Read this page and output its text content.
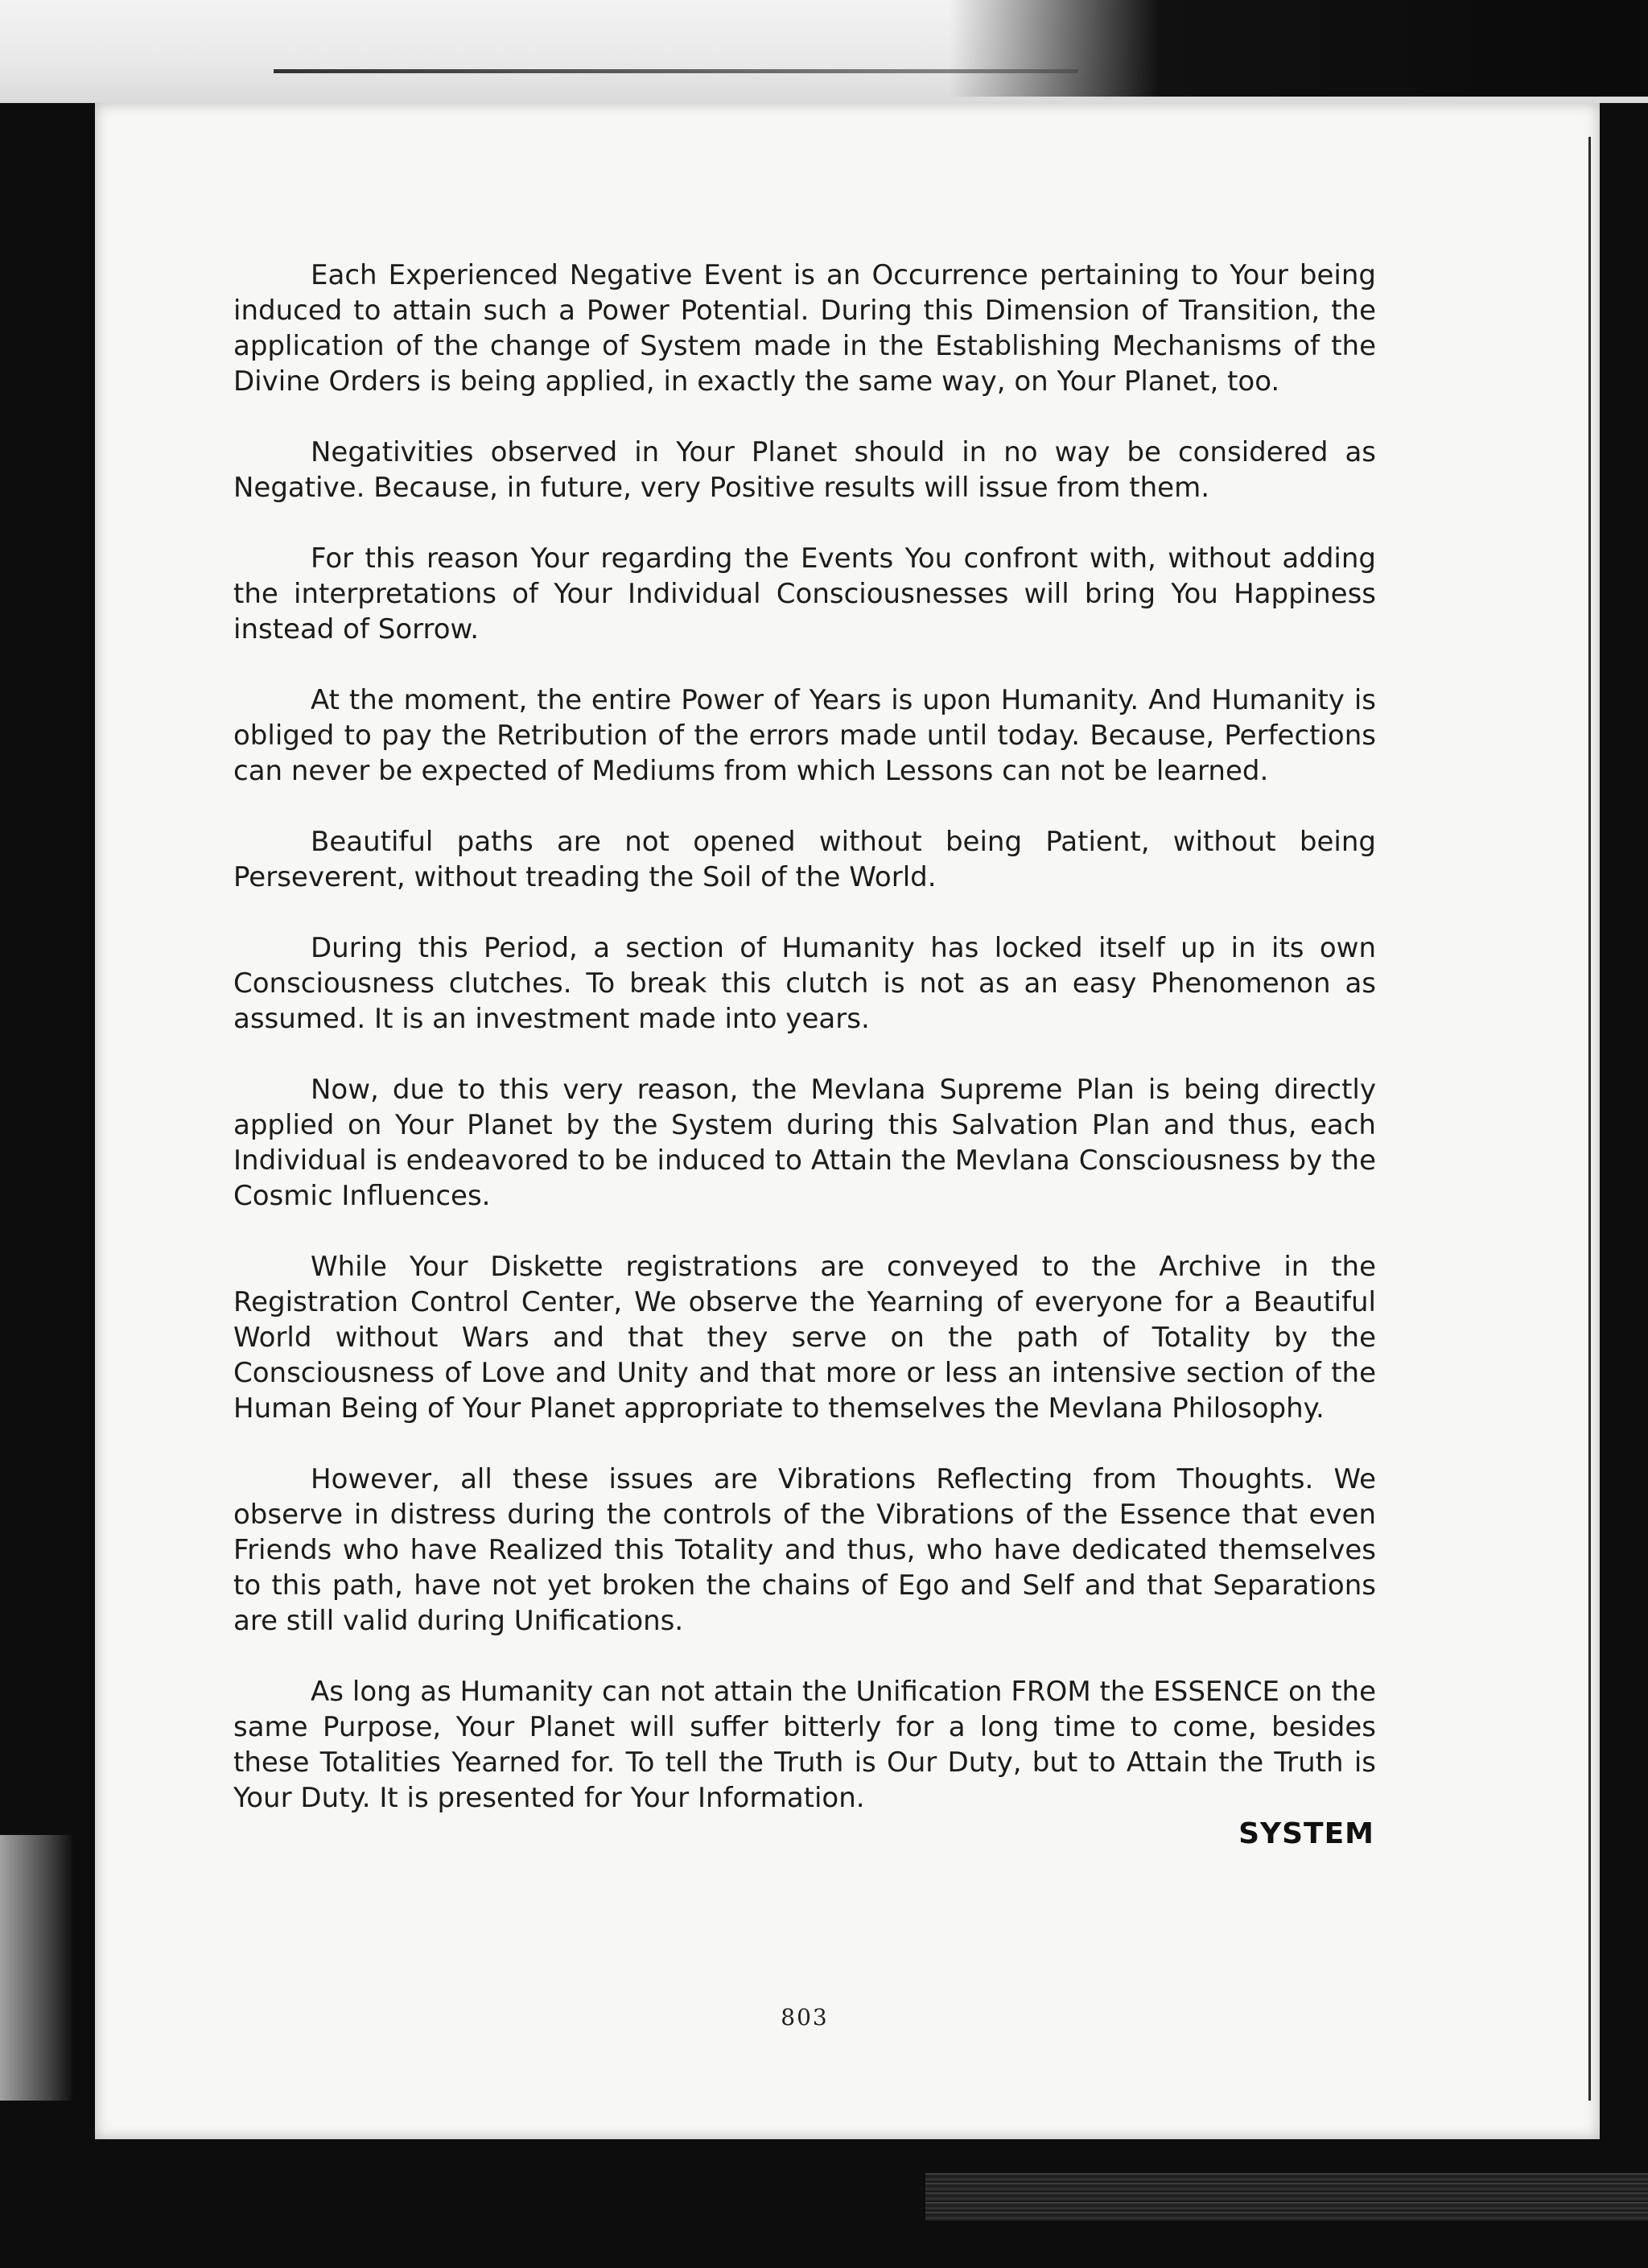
Each Experienced Negative Event is an Occurrence pertaining to Your being induced to attain such a Power Potential. During this Dimension of Transition, the application of the change of System made in the Establishing Mechanisms of the Divine Orders is being applied, in exactly the same way, on Your Planet, too.

Negativities observed in Your Planet should in no way be considered as Negative. Because, in future, very Positive results will issue from them.

For this reason Your regarding the Events You confront with, without adding the interpretations of Your Individual Consciousnesses will bring You Happiness instead of Sorrow.

At the moment, the entire Power of Years is upon Humanity. And Humanity is obliged to pay the Retribution of the errors made until today. Because, Perfections can never be expected of Mediums from which Lessons can not be learned.

Beautiful paths are not opened without being Patient, without being Perseverent, without treading the Soil of the World.

During this Period, a section of Humanity has locked itself up in its own Consciousness clutches. To break this clutch is not as an easy Phenomenon as assumed. It is an investment made into years.

Now, due to this very reason, the Mevlana Supreme Plan is being directly applied on Your Planet by the System during this Salvation Plan and thus, each Individual is endeavored to be induced to Attain the Mevlana Consciousness by the Cosmic Influences.

While Your Diskette registrations are conveyed to the Archive in the Registration Control Center, We observe the Yearning of everyone for a Beautiful World without Wars and that they serve on the path of Totality by the Consciousness of Love and Unity and that more or less an intensive section of the Human Being of Your Planet appropriate to themselves the Mevlana Philosophy.

However, all these issues are Vibrations Reflecting from Thoughts. We observe in distress during the controls of the Vibrations of the Essence that even Friends who have Realized this Totality and thus, who have dedicated themselves to this path, have not yet broken the chains of Ego and Self and that Separations are still valid during Unifications.

As long as Humanity can not attain the Unification FROM the ESSENCE on the same Purpose, Your Planet will suffer bitterly for a long time to come, besides these Totalities Yearned for. To tell the Truth is Our Duty, but to Attain the Truth is Your Duty. It is presented for Your Information.

SYSTEM
803
